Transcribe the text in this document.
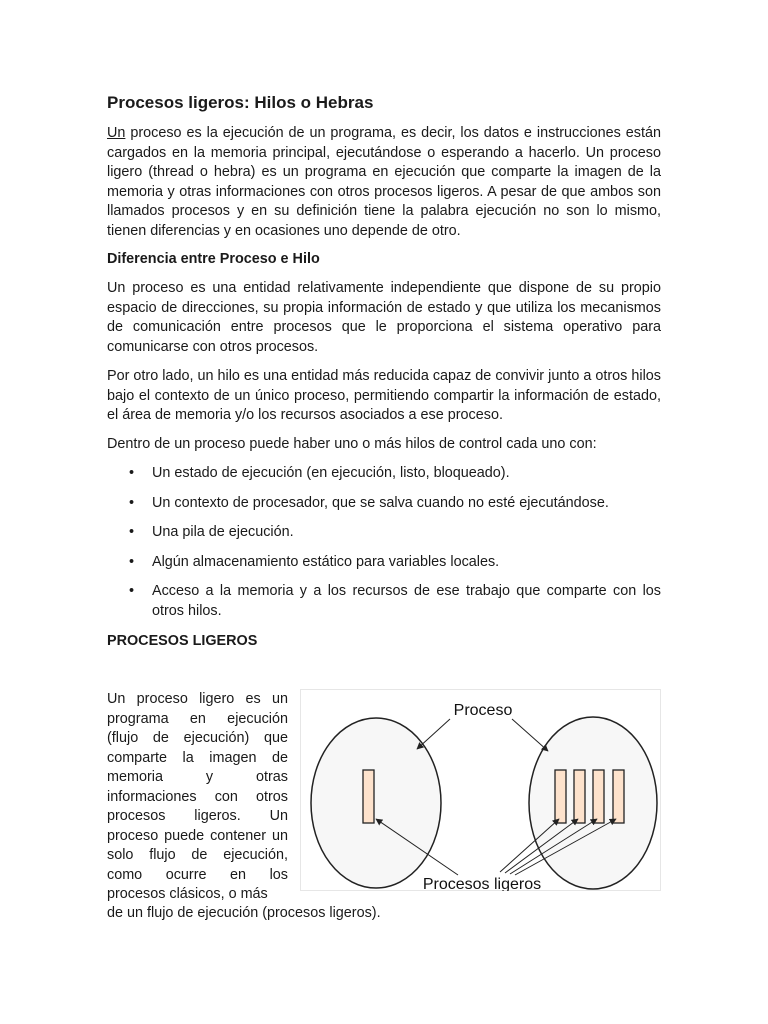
Procesos ligeros: Hilos o Hebras

Un proceso es la ejecución de un programa, es decir, los datos e instrucciones están cargados en la memoria principal, ejecutándose o esperando a hacerlo. Un proceso ligero (thread o hebra) es un programa en ejecución que comparte la imagen de la memoria y otras informaciones con otros procesos ligeros. A pesar de que ambos son llamados procesos y en su definición tiene la palabra ejecución no son lo mismo, tienen diferencias y en ocasiones uno depende de otro.

Diferencia entre Proceso e Hilo

Un proceso es una entidad relativamente independiente que dispone de su propio espacio de direcciones, su propia información de estado y que utiliza los mecanismos de comunicación entre procesos que le proporciona el sistema operativo para comunicarse con otros procesos.

Por otro lado, un hilo es una entidad más reducida capaz de convivir junto a otros hilos bajo el contexto de un único proceso, permitiendo compartir la información de estado, el área de memoria y/o los recursos asociados a ese proceso.

Dentro de un proceso puede haber uno o más hilos de control cada uno con:

• Un estado de ejecución (en ejecución, listo, bloqueado).
• Un contexto de procesador, que se salva cuando no esté ejecutándose.
• Una pila de ejecución.
• Algún almacenamiento estático para variables locales.
• Acceso a la memoria y a los recursos de ese trabajo que comparte con los otros hilos.
PROCESOS LIGEROS

Un proceso ligero es un programa en ejecución (flujo de ejecución) que comparte la imagen de memoria y otras informaciones con otros procesos ligeros. Un proceso puede contener un solo flujo de ejecución, como ocurre en los procesos clásicos, o más

de un flujo de ejecución (procesos ligeros).

Proceso
Procesos ligeros
